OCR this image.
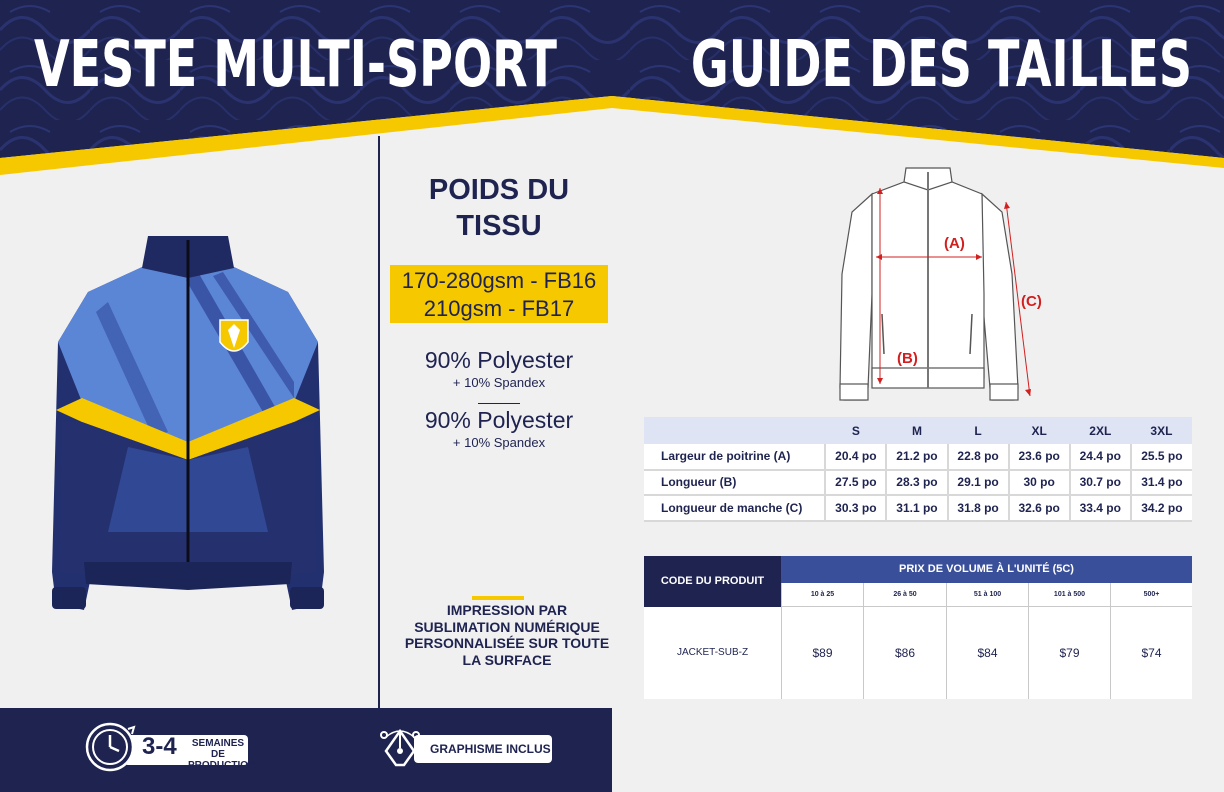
VESTE MULTI-SPORT GUIDE DES TAILLES
POIDS DU
TISSU
170-280gsm - FB16
210gsm - FB17
90% Polyester
+ 10% Spandex
90% Polyester
+ 10% Spandex
IMPRESSION PAR
SUBLIMATION NUMÉRIQUE
PERSONNALISÉE SUR TOUTE
LA SURFACE
3-4	SEMAINES DE
PRODUCTION
GRAPHISME INCLUS
(A)
(B)
(C)
	S	M	L	XL	2XL	3XL
Largeur de poitrine (A)	20.4 po	21.2 po	22.8 po	23.6 po	24.4 po	25.5 po
Longueur (B)	27.5 po	28.3 po	29.1 po	30 po	30.7 po	31.4 po
Longueur de manche (C)	30.3 po	31.1 po	31.8 po	32.6 po	33.4 po	34.2 po
CODE DU PRODUIT
PRIX DE VOLUME À L'UNITÉ (5C)
10 à 25	26 à 50	51 à 100	101 à 500	500+
JACKET-SUB-Z	$89	$86	$84	$79	$74
